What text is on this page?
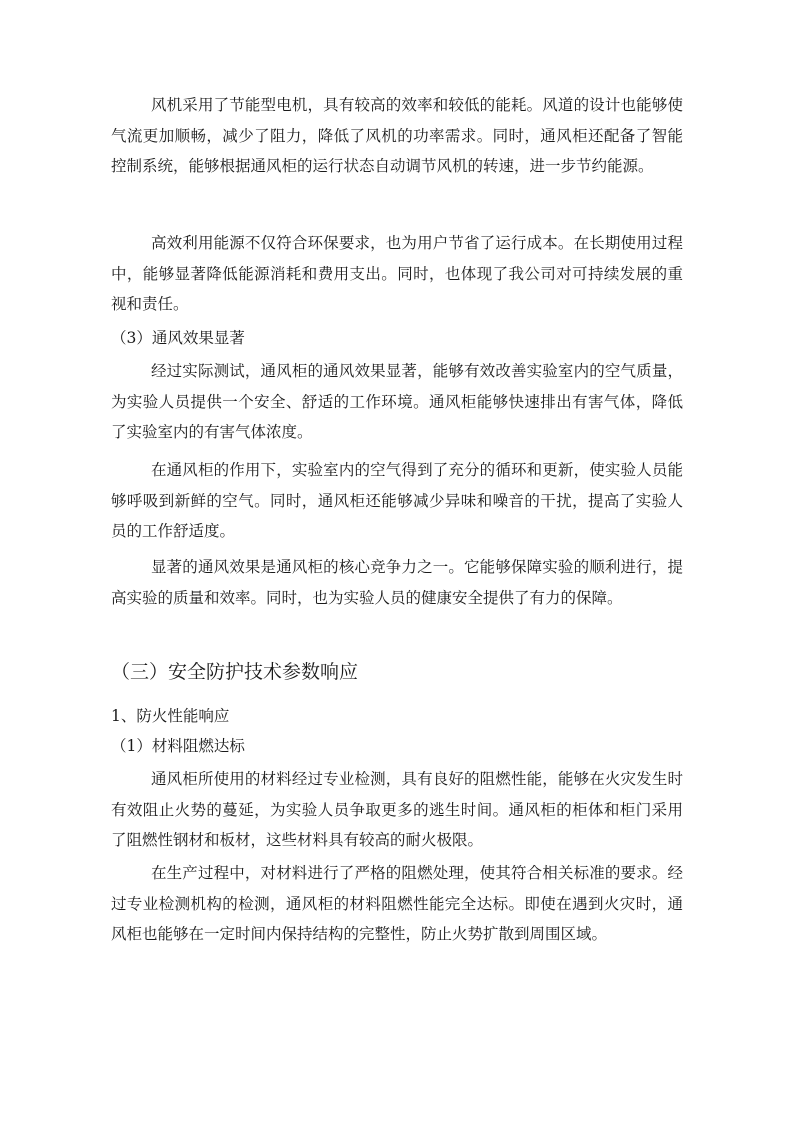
风机采用了节能型电机，具有较高的效率和较低的能耗。风道的设计也能够使气流更加顺畅，减少了阻力，降低了风机的功率需求。同时，通风柜还配备了智能控制系统，能够根据通风柜的运行状态自动调节风机的转速，进一步节约能源。

高效利用能源不仅符合环保要求，也为用户节省了运行成本。在长期使用过程中，能够显著降低能源消耗和费用支出。同时，也体现了我公司对可持续发展的重视和责任。

（3）通风效果显著

经过实际测试，通风柜的通风效果显著，能够有效改善实验室内的空气质量，为实验人员提供一个安全、舒适的工作环境。通风柜能够快速排出有害气体，降低了实验室内的有害气体浓度。

在通风柜的作用下，实验室内的空气得到了充分的循环和更新，使实验人员能够呼吸到新鲜的空气。同时，通风柜还能够减少异味和噪音的干扰，提高了实验人员的工作舒适度。

显著的通风效果是通风柜的核心竞争力之一。它能够保障实验的顺利进行，提高实验的质量和效率。同时，也为实验人员的健康安全提供了有力的保障。

（三）安全防护技术参数响应

1、防火性能响应

（1）材料阻燃达标

通风柜所使用的材料经过专业检测，具有良好的阻燃性能，能够在火灾发生时有效阻止火势的蔓延，为实验人员争取更多的逃生时间。通风柜的柜体和柜门采用了阻燃性钢材和板材，这些材料具有较高的耐火极限。

在生产过程中，对材料进行了严格的阻燃处理，使其符合相关标准的要求。经过专业检测机构的检测，通风柜的材料阻燃性能完全达标。即使在遇到火灾时，通风柜也能够在一定时间内保持结构的完整性，防止火势扩散到周围区域。
